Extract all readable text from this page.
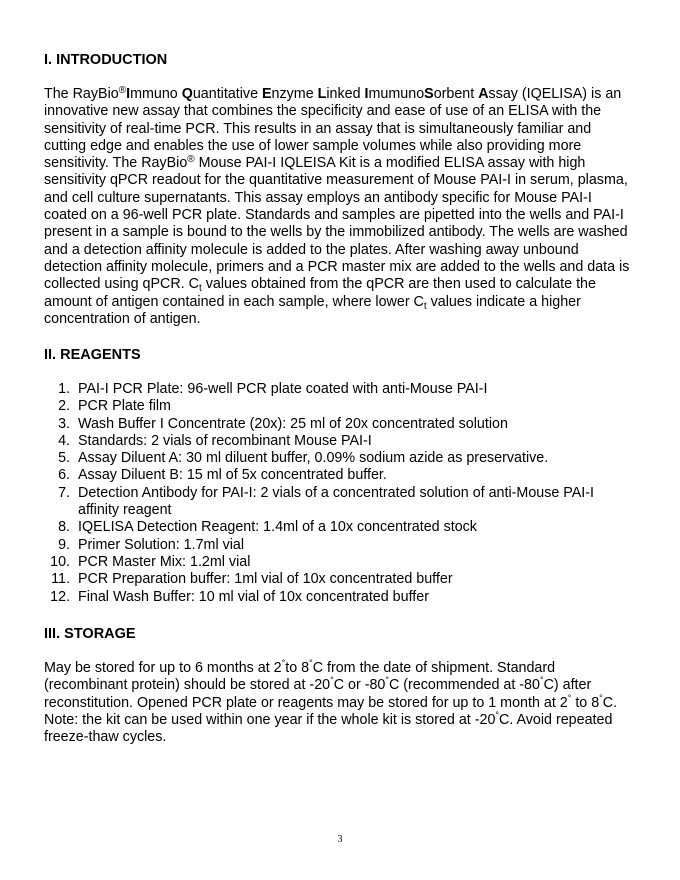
I. INTRODUCTION

The RayBio®Immuno Quantitative Enzyme Linked ImumunoSorbent Assay (IQELISA) is an innovative new assay that combines the specificity and ease of use of an ELISA with the sensitivity of real-time PCR. This results in an assay that is simultaneously familiar and cutting edge and enables the use of lower sample volumes while also providing more sensitivity. The RayBio® Mouse PAI-I IQLEISA Kit is a modified ELISA assay with high sensitivity qPCR readout for the quantitative measurement of Mouse PAI-I in serum, plasma, and cell culture supernatants. This assay employs an antibody specific for Mouse PAI-I coated on a 96-well PCR plate. Standards and samples are pipetted into the wells and PAI-I present in a sample is bound to the wells by the immobilized antibody. The wells are washed and a detection affinity molecule is added to the plates. After washing away unbound detection affinity molecule, primers and a PCR master mix are added to the wells and data is collected using qPCR. $C_t$ values obtained from the qPCR are then used to calculate the amount of antigen contained in each sample, where lower $C_t$ values indicate a higher concentration of antigen.

II. REAGENTS
1. PAI-I PCR Plate: 96-well PCR plate coated with anti-Mouse PAI-I
2. PCR Plate film
3. Wash Buffer I Concentrate (20x): 25 ml of 20x concentrated solution
4. Standards: 2 vials of recombinant Mouse PAI-I
5. Assay Diluent A: 30 ml diluent buffer, 0.09% sodium azide as preservative.
6. Assay Diluent B: 15 ml of 5x concentrated buffer.
7. Detection Antibody for PAI-I: 2 vials of a concentrated solution of anti-Mouse PAI-I affinity reagent
8. IQELISA Detection Reagent: 1.4ml of a 10x concentrated stock
9. Primer Solution: 1.7ml vial
10. PCR Master Mix: 1.2ml vial
11. PCR Preparation buffer: 1ml vial of 10x concentrated buffer
12. Final Wash Buffer: 10 ml vial of 10x concentrated buffer
III. STORAGE

May be stored for up to 6 months at 2°to 8°C from the date of shipment. Standard (recombinant protein) should be stored at -20°C or -80°C (recommended at -80°C) after reconstitution. Opened PCR plate or reagents may be stored for up to 1 month at 2° to 8°C. Note: the kit can be used within one year if the whole kit is stored at -20°C. Avoid repeated freeze-thaw cycles.

3
